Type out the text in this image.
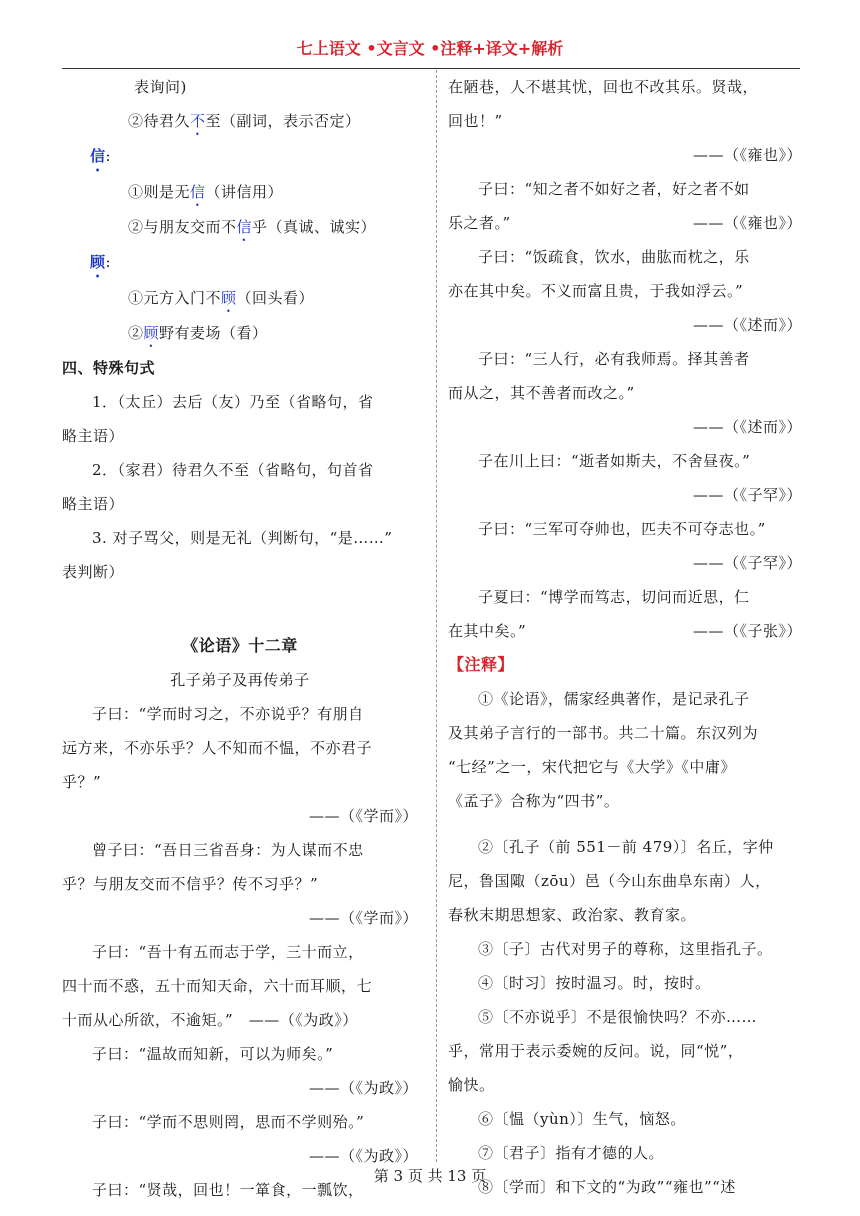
七上语文 •文言文 •注释+译文+解析

表询问)

②待君久不至（副词，表示否定）

信:

①则是无信（讲信用）

②与朋友交而不信乎（真诚、诚实）

顾:

①元方入门不顾（回头看）

②顾野有麦场（看）

四、特殊句式

1．（太丘）去后（友）乃至（省略句，省

略主语）

2．（家君）待君久不至（省略句，句首省

略主语）

3. 对子骂父，则是无礼（判断句，“是……”

表判断）

《论语》十二章

孔子弟子及再传弟子

子曰：“学而时习之，不亦说乎？有朋自

远方来，不亦乐乎？人不知而不愠，不亦君子

乎？”

——（《学而》）

曾子曰：“吾日三省吾身：为人谋而不忠

乎？与朋友交而不信乎？传不习乎？”

——（《学而》）

子曰：“吾十有五而志于学，三十而立，

四十而不惑，五十而知天命，六十而耳顺，七

十而从心所欲，不逾矩。”　 ——（《为政》）

子曰：“温故而知新，可以为师矣。”

——（《为政》）

子曰：“学而不思则罔，思而不学则殆。”

——（《为政》）

子曰：“贤哉，回也！一箪食，一瓢饮，

在陋巷，人不堪其忧，回也不改其乐。贤哉，

回也！”

——（《雍也》）

子曰：“知之者不如好之者，好之者不如

乐之者。”	——（《雍也》）

子曰：“饭疏食，饮水，曲肱而枕之，乐

亦在其中矣。不义而富且贵，于我如浮云。”

——（《述而》）

子曰：“三人行，必有我师焉。择其善者

而从之，其不善者而改之。”

——（《述而》）

子在川上曰：“逝者如斯夫，不舍昼夜。”

——（《子罕》）

子曰：“三军可夺帅也，匹夫不可夺志也。”

——（《子罕》）

子夏曰：“博学而笃志，切问而近思，仁

在其中矣。”	——（《子张》）

【注释】

①《论语》，儒家经典著作，是记录孔子

及其弟子言行的一部书。共二十篇。东汉列为

“七经”之一，宋代把它与《大学》《中庸》

《孟子》合称为“四书”。

②〔孔子（前 551－前 479）〕名丘，字仲

尼，鲁国陬（zōu）邑（今山东曲阜东南）人，

春秋末期思想家、政治家、教育家。

③〔子〕古代对男子的尊称，这里指孔子。

④〔时习〕按时温习。时，按时。

⑤〔不亦说乎〕不是很愉快吗？不亦……

乎，常用于表示委婉的反问。说，同“悦”，

愉快。

⑥〔愠（yùn）〕生气，恼怒。

⑦〔君子〕指有才德的人。

⑧〔学而〕和下文的“为政”“雍也”“述

第 3 页 共 13 页
